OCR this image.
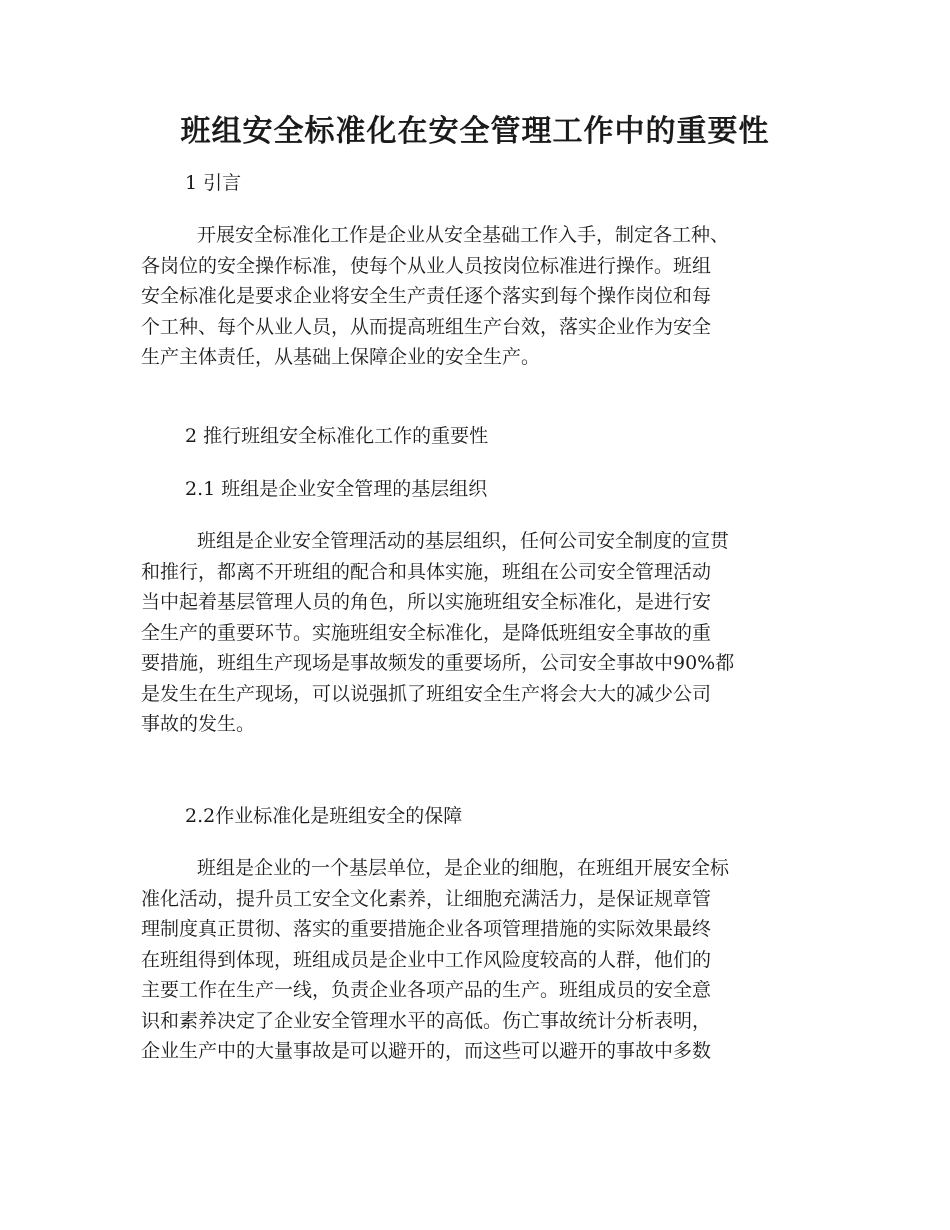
班组安全标准化在安全管理工作中的重要性

1 引言

开展安全标准化工作是企业从安全基础工作入手，制定各工种、
各岗位的安全操作标准，使每个从业人员按岗位标准进行操作。班组
安全标准化是要求企业将安全生产责任逐个落实到每个操作岗位和每
个工种、每个从业人员，从而提高班组生产台效，落实企业作为安全
生产主体责任，从基础上保障企业的安全生产。

2 推行班组安全标准化工作的重要性

2.1 班组是企业安全管理的基层组织

班组是企业安全管理活动的基层组织，任何公司安全制度的宣贯
和推行，都离不开班组的配合和具体实施，班组在公司安全管理活动
当中起着基层管理人员的角色，所以实施班组安全标准化，是进行安
全生产的重要环节。实施班组安全标准化，是降低班组安全事故的重
要措施，班组生产现场是事故频发的重要场所，公司安全事故中90%都
是发生在生产现场，可以说强抓了班组安全生产将会大大的减少公司
事故的发生。

2.2作业标准化是班组安全的保障

班组是企业的一个基层单位，是企业的细胞，在班组开展安全标
准化活动，提升员工安全文化素养，让细胞充满活力，是保证规章管
理制度真正贯彻、落实的重要措施企业各项管理措施的实际效果最终
在班组得到体现，班组成员是企业中工作风险度较高的人群，他们的
主要工作在生产一线，负责企业各项产品的生产。班组成员的安全意
识和素养决定了企业安全管理水平的高低。伤亡事故统计分析表明，
企业生产中的大量事故是可以避开的，而这些可以避开的事故中多数
